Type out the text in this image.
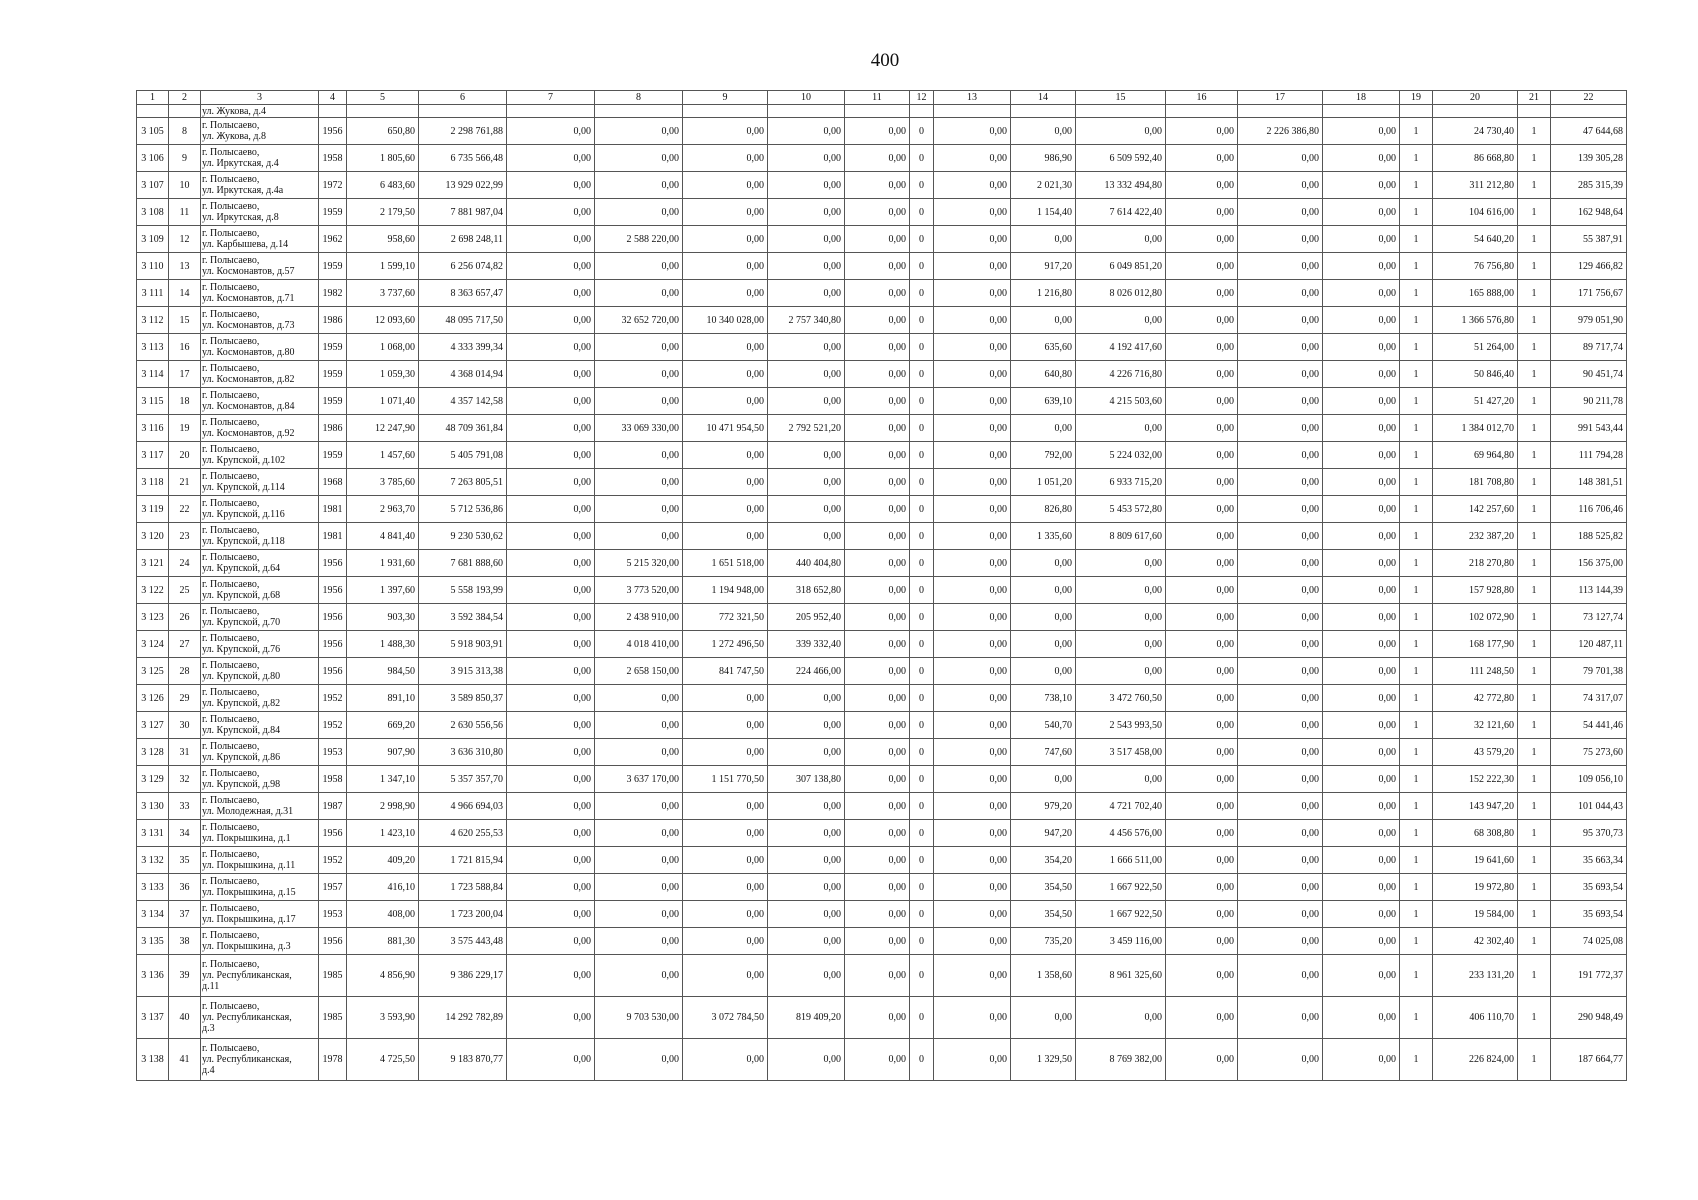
400
1	2	3	4	5	6	7	8	9	10	11	12	13	14	15	16	17	18	19	20	21	22
		ул. Жукова, д.4																			
3 105	8	г. Полысаево,
ул. Жукова, д.8	1956	650,80	2 298 761,88	0,00	0,00	0,00	0,00	0,00	0	0,00	0,00	0,00	0,00	2 226 386,80	0,00	1	24 730,40	1	47 644,68
3 106	9	г. Полысаево,
ул. Иркутская, д.4	1958	1 805,60	6 735 566,48	0,00	0,00	0,00	0,00	0,00	0	0,00	986,90	6 509 592,40	0,00	0,00	0,00	1	86 668,80	1	139 305,28
3 107	10	г. Полысаево,
ул. Иркутская, д.4а	1972	6 483,60	13 929 022,99	0,00	0,00	0,00	0,00	0,00	0	0,00	2 021,30	13 332 494,80	0,00	0,00	0,00	1	311 212,80	1	285 315,39
3 108	11	г. Полысаево,
ул. Иркутская, д.8	1959	2 179,50	7 881 987,04	0,00	0,00	0,00	0,00	0,00	0	0,00	1 154,40	7 614 422,40	0,00	0,00	0,00	1	104 616,00	1	162 948,64
3 109	12	г. Полысаево,
ул. Карбышева, д.14	1962	958,60	2 698 248,11	0,00	2 588 220,00	0,00	0,00	0,00	0	0,00	0,00	0,00	0,00	0,00	0,00	1	54 640,20	1	55 387,91
3 110	13	г. Полысаево,
ул. Космонавтов, д.57	1959	1 599,10	6 256 074,82	0,00	0,00	0,00	0,00	0,00	0	0,00	917,20	6 049 851,20	0,00	0,00	0,00	1	76 756,80	1	129 466,82
3 111	14	г. Полысаево,
ул. Космонавтов, д.71	1982	3 737,60	8 363 657,47	0,00	0,00	0,00	0,00	0,00	0	0,00	1 216,80	8 026 012,80	0,00	0,00	0,00	1	165 888,00	1	171 756,67
3 112	15	г. Полысаево,
ул. Космонавтов, д.73	1986	12 093,60	48 095 717,50	0,00	32 652 720,00	10 340 028,00	2 757 340,80	0,00	0	0,00	0,00	0,00	0,00	0,00	0,00	1	1 366 576,80	1	979 051,90
3 113	16	г. Полысаево,
ул. Космонавтов, д.80	1959	1 068,00	4 333 399,34	0,00	0,00	0,00	0,00	0,00	0	0,00	635,60	4 192 417,60	0,00	0,00	0,00	1	51 264,00	1	89 717,74
3 114	17	г. Полысаево,
ул. Космонавтов, д.82	1959	1 059,30	4 368 014,94	0,00	0,00	0,00	0,00	0,00	0	0,00	640,80	4 226 716,80	0,00	0,00	0,00	1	50 846,40	1	90 451,74
3 115	18	г. Полысаево,
ул. Космонавтов, д.84	1959	1 071,40	4 357 142,58	0,00	0,00	0,00	0,00	0,00	0	0,00	639,10	4 215 503,60	0,00	0,00	0,00	1	51 427,20	1	90 211,78
3 116	19	г. Полысаево,
ул. Космонавтов, д.92	1986	12 247,90	48 709 361,84	0,00	33 069 330,00	10 471 954,50	2 792 521,20	0,00	0	0,00	0,00	0,00	0,00	0,00	0,00	1	1 384 012,70	1	991 543,44
3 117	20	г. Полысаево,
ул. Крупской, д.102	1959	1 457,60	5 405 791,08	0,00	0,00	0,00	0,00	0,00	0	0,00	792,00	5 224 032,00	0,00	0,00	0,00	1	69 964,80	1	111 794,28
3 118	21	г. Полысаево,
ул. Крупской, д.114	1968	3 785,60	7 263 805,51	0,00	0,00	0,00	0,00	0,00	0	0,00	1 051,20	6 933 715,20	0,00	0,00	0,00	1	181 708,80	1	148 381,51
3 119	22	г. Полысаево,
ул. Крупской, д.116	1981	2 963,70	5 712 536,86	0,00	0,00	0,00	0,00	0,00	0	0,00	826,80	5 453 572,80	0,00	0,00	0,00	1	142 257,60	1	116 706,46
3 120	23	г. Полысаево,
ул. Крупской, д.118	1981	4 841,40	9 230 530,62	0,00	0,00	0,00	0,00	0,00	0	0,00	1 335,60	8 809 617,60	0,00	0,00	0,00	1	232 387,20	1	188 525,82
3 121	24	г. Полысаево,
ул. Крупской, д.64	1956	1 931,60	7 681 888,60	0,00	5 215 320,00	1 651 518,00	440 404,80	0,00	0	0,00	0,00	0,00	0,00	0,00	0,00	1	218 270,80	1	156 375,00
3 122	25	г. Полысаево,
ул. Крупской, д.68	1956	1 397,60	5 558 193,99	0,00	3 773 520,00	1 194 948,00	318 652,80	0,00	0	0,00	0,00	0,00	0,00	0,00	0,00	1	157 928,80	1	113 144,39
3 123	26	г. Полысаево,
ул. Крупской, д.70	1956	903,30	3 592 384,54	0,00	2 438 910,00	772 321,50	205 952,40	0,00	0	0,00	0,00	0,00	0,00	0,00	0,00	1	102 072,90	1	73 127,74
3 124	27	г. Полысаево,
ул. Крупской, д.76	1956	1 488,30	5 918 903,91	0,00	4 018 410,00	1 272 496,50	339 332,40	0,00	0	0,00	0,00	0,00	0,00	0,00	0,00	1	168 177,90	1	120 487,11
3 125	28	г. Полысаево,
ул. Крупской, д.80	1956	984,50	3 915 313,38	0,00	2 658 150,00	841 747,50	224 466,00	0,00	0	0,00	0,00	0,00	0,00	0,00	0,00	1	111 248,50	1	79 701,38
3 126	29	г. Полысаево,
ул. Крупской, д.82	1952	891,10	3 589 850,37	0,00	0,00	0,00	0,00	0,00	0	0,00	738,10	3 472 760,50	0,00	0,00	0,00	1	42 772,80	1	74 317,07
3 127	30	г. Полысаево,
ул. Крупской, д.84	1952	669,20	2 630 556,56	0,00	0,00	0,00	0,00	0,00	0	0,00	540,70	2 543 993,50	0,00	0,00	0,00	1	32 121,60	1	54 441,46
3 128	31	г. Полысаево,
ул. Крупской, д.86	1953	907,90	3 636 310,80	0,00	0,00	0,00	0,00	0,00	0	0,00	747,60	3 517 458,00	0,00	0,00	0,00	1	43 579,20	1	75 273,60
3 129	32	г. Полысаево,
ул. Крупской, д.98	1958	1 347,10	5 357 357,70	0,00	3 637 170,00	1 151 770,50	307 138,80	0,00	0	0,00	0,00	0,00	0,00	0,00	0,00	1	152 222,30	1	109 056,10
3 130	33	г. Полысаево,
ул. Молодежная, д.31	1987	2 998,90	4 966 694,03	0,00	0,00	0,00	0,00	0,00	0	0,00	979,20	4 721 702,40	0,00	0,00	0,00	1	143 947,20	1	101 044,43
3 131	34	г. Полысаево,
ул. Покрышкина, д.1	1956	1 423,10	4 620 255,53	0,00	0,00	0,00	0,00	0,00	0	0,00	947,20	4 456 576,00	0,00	0,00	0,00	1	68 308,80	1	95 370,73
3 132	35	г. Полысаево,
ул. Покрышкина, д.11	1952	409,20	1 721 815,94	0,00	0,00	0,00	0,00	0,00	0	0,00	354,20	1 666 511,00	0,00	0,00	0,00	1	19 641,60	1	35 663,34
3 133	36	г. Полысаево,
ул. Покрышкина, д.15	1957	416,10	1 723 588,84	0,00	0,00	0,00	0,00	0,00	0	0,00	354,50	1 667 922,50	0,00	0,00	0,00	1	19 972,80	1	35 693,54
3 134	37	г. Полысаево,
ул. Покрышкина, д.17	1953	408,00	1 723 200,04	0,00	0,00	0,00	0,00	0,00	0	0,00	354,50	1 667 922,50	0,00	0,00	0,00	1	19 584,00	1	35 693,54
3 135	38	г. Полысаево,
ул. Покрышкина, д.3	1956	881,30	3 575 443,48	0,00	0,00	0,00	0,00	0,00	0	0,00	735,20	3 459 116,00	0,00	0,00	0,00	1	42 302,40	1	74 025,08
3 136	39	г. Полысаево,
ул. Республиканская,
д.11	1985	4 856,90	9 386 229,17	0,00	0,00	0,00	0,00	0,00	0	0,00	1 358,60	8 961 325,60	0,00	0,00	0,00	1	233 131,20	1	191 772,37
3 137	40	г. Полысаево,
ул. Республиканская,
д.3	1985	3 593,90	14 292 782,89	0,00	9 703 530,00	3 072 784,50	819 409,20	0,00	0	0,00	0,00	0,00	0,00	0,00	0,00	1	406 110,70	1	290 948,49
3 138	41	г. Полысаево,
ул. Республиканская,
д.4	1978	4 725,50	9 183 870,77	0,00	0,00	0,00	0,00	0,00	0	0,00	1 329,50	8 769 382,00	0,00	0,00	0,00	1	226 824,00	1	187 664,77
